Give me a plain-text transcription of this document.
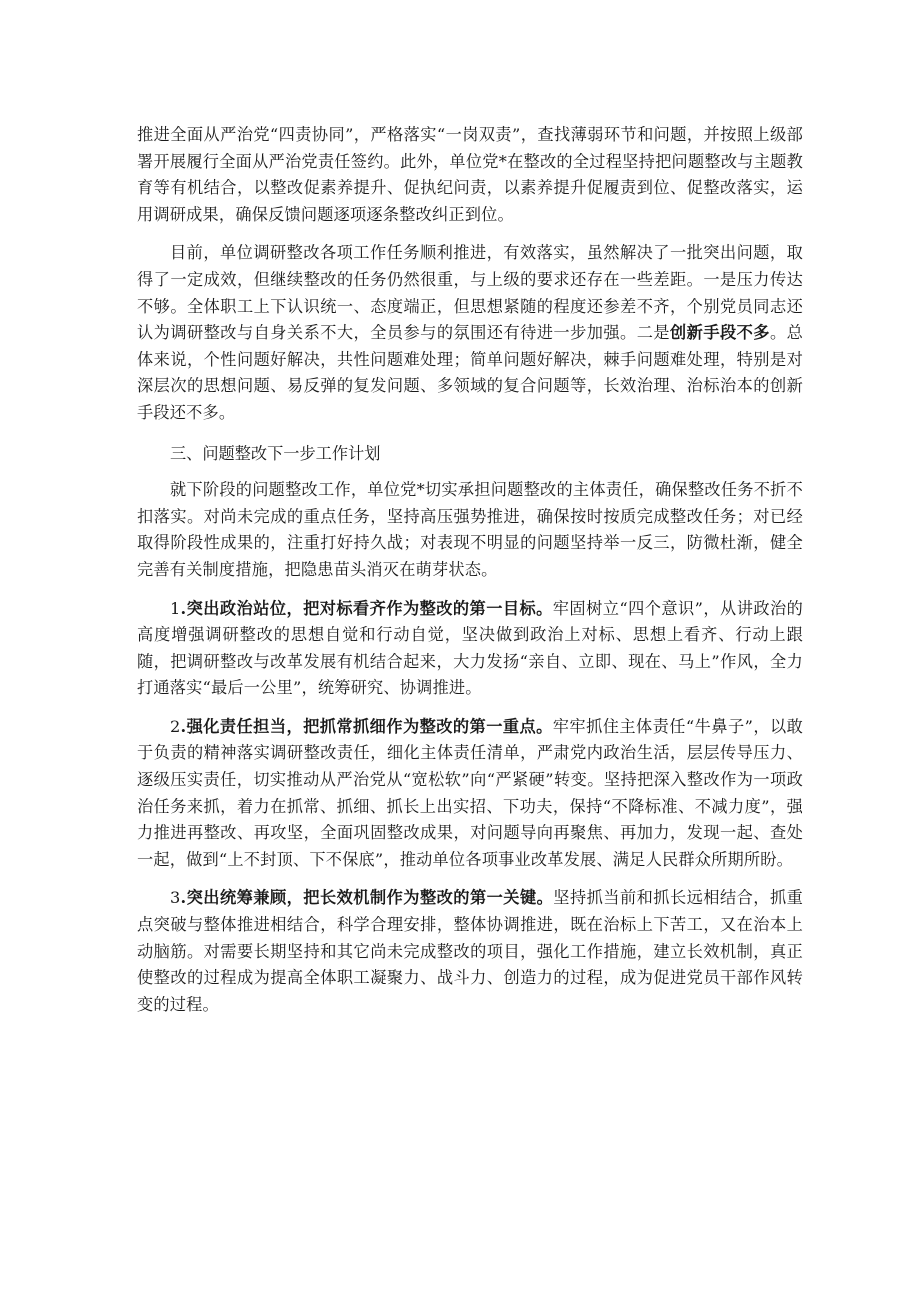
推进全面从严治党“四责协同”，严格落实“一岗双责”，查找薄弱环节和问题，并按照上级部署开展履行全面从严治党责任签约。此外，单位党*在整改的全过程坚持把问题整改与主题教育等有机结合，以整改促素养提升、促执纪问责，以素养提升促履责到位、促整改落实，运用调研成果，确保反馈问题逐项逐条整改纠正到位。

目前，单位调研整改各项工作任务顺利推进，有效落实，虽然解决了一批突出问题，取得了一定成效，但继续整改的任务仍然很重，与上级的要求还存在一些差距。一是压力传达不够。全体职工上下认识统一、态度端正，但思想紧随的程度还参差不齐，个别党员同志还认为调研整改与自身关系不大，全员参与的氛围还有待进一步加强。二是创新手段不多。总体来说，个性问题好解决，共性问题难处理；简单问题好解决，棘手问题难处理，特别是对深层次的思想问题、易反弹的复发问题、多领域的复合问题等，长效治理、治标治本的创新手段还不多。

三、问题整改下一步工作计划

就下阶段的问题整改工作，单位党*切实承担问题整改的主体责任，确保整改任务不折不扣落实。对尚未完成的重点任务，坚持高压强势推进，确保按时按质完成整改任务；对已经取得阶段性成果的，注重打好持久战；对表现不明显的问题坚持举一反三，防微杜渐，健全完善有关制度措施，把隐患苗头消灭在萌芽状态。

1.突出政治站位，把对标看齐作为整改的第一目标。牢固树立“四个意识”，从讲政治的高度增强调研整改的思想自觉和行动自觉，坚决做到政治上对标、思想上看齐、行动上跟随，把调研整改与改革发展有机结合起来，大力发扬“亲自、立即、现在、马上”作风，全力打通落实“最后一公里”，统筹研究、协调推进。

2.强化责任担当，把抓常抓细作为整改的第一重点。牢牢抓住主体责任“牛鼻子”，以敢于负责的精神落实调研整改责任，细化主体责任清单，严肃党内政治生活，层层传导压力、逐级压实责任，切实推动从严治党从“宽松软”向“严紧硬”转变。坚持把深入整改作为一项政治任务来抓，着力在抓常、抓细、抓长上出实招、下功夫，保持“不降标准、不减力度”，强力推进再整改、再攻坚，全面巩固整改成果，对问题导向再聚焦、再加力，发现一起、查处一起，做到“上不封顶、下不保底”，推动单位各项事业改革发展、满足人民群众所期所盼。

3.突出统筹兼顾，把长效机制作为整改的第一关键。坚持抓当前和抓长远相结合，抓重点突破与整体推进相结合，科学合理安排，整体协调推进，既在治标上下苦工，又在治本上动脑筋。对需要长期坚持和其它尚未完成整改的项目，强化工作措施，建立长效机制，真正使整改的过程成为提高全体职工凝聚力、战斗力、创造力的过程，成为促进党员干部作风转变的过程。
